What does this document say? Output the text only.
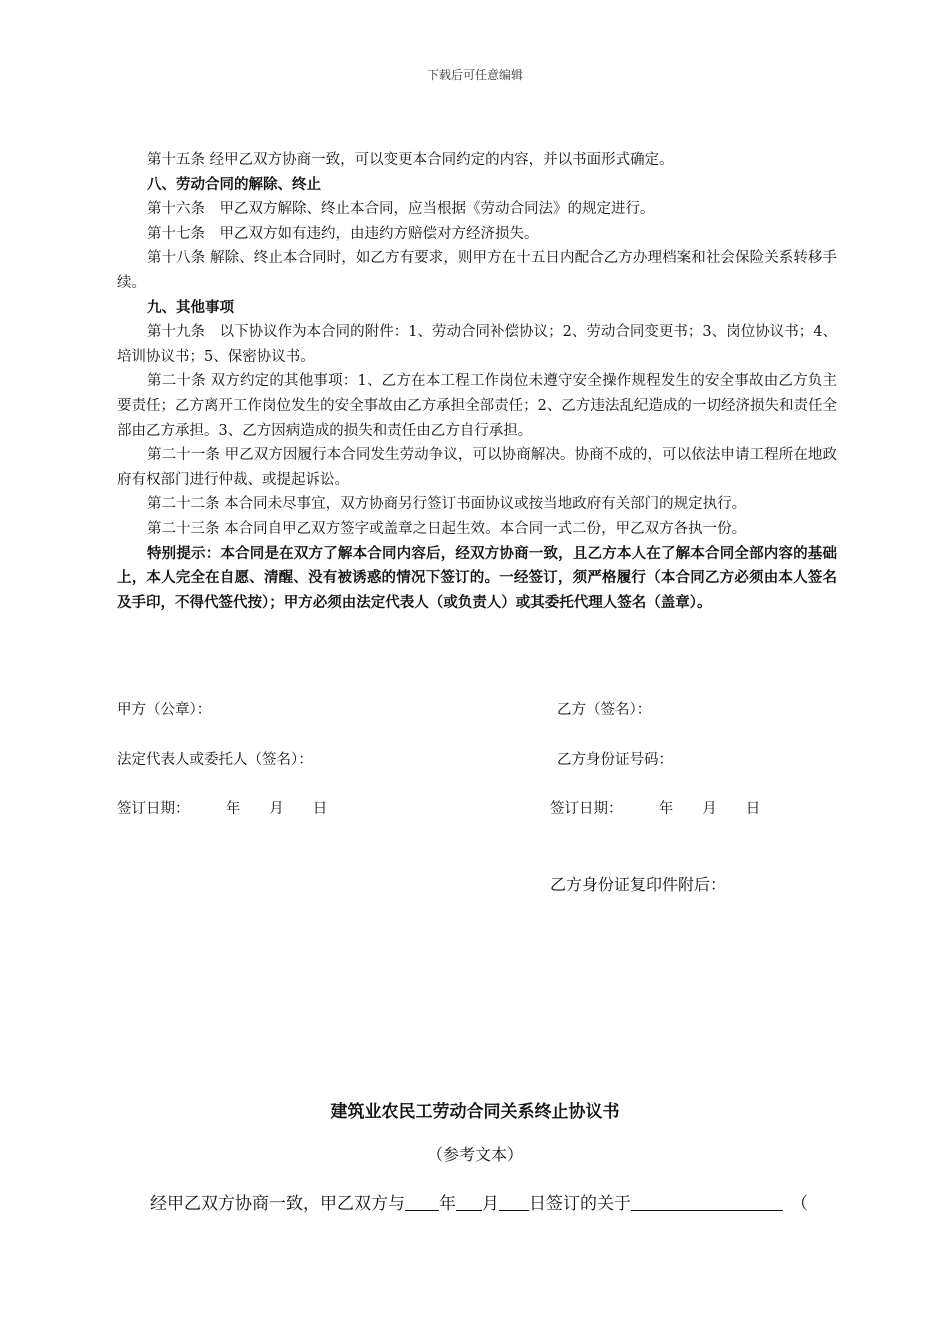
下载后可任意编辑

第十五条 经甲乙双方协商一致，可以变更本合同约定的内容，并以书面形式确定。

八、劳动合同的解除、终止

第十六条　甲乙双方解除、终止本合同，应当根据《劳动合同法》的规定进行。

第十七条　甲乙双方如有违约，由违约方赔偿对方经济损失。

第十八条 解除、终止本合同时，如乙方有要求，则甲方在十五日内配合乙方办理档案和社会保险关系转移手续。

九、其他事项

第十九条　以下协议作为本合同的附件：1、劳动合同补偿协议；2、劳动合同变更书；3、岗位协议书；4、培训协议书；5、保密协议书。

第二十条 双方约定的其他事项：1、乙方在本工程工作岗位未遵守安全操作规程发生的安全事故由乙方负主要责任；乙方离开工作岗位发生的安全事故由乙方承担全部责任；2、乙方违法乱纪造成的一切经济损失和责任全部由乙方承担。3、乙方因病造成的损失和责任由乙方自行承担。

第二十一条 甲乙双方因履行本合同发生劳动争议，可以协商解决。协商不成的，可以依法申请工程所在地政府有权部门进行仲裁、或提起诉讼。

第二十二条 本合同未尽事宜，双方协商另行签订书面协议或按当地政府有关部门的规定执行。

第二十三条 本合同自甲乙双方签字或盖章之日起生效。本合同一式二份，甲乙双方各执一份。

特别提示：本合同是在双方了解本合同内容后，经双方协商一致，且乙方本人在了解本合同全部内容的基础上，本人完全在自愿、清醒、没有被诱惑的情况下签订的。一经签订，须严格履行（本合同乙方必须由本人签名及手印，不得代签代按）；甲方必须由法定代表人（或负责人）或其委托代理人签名（盖章）。

甲方（公章）：	乙方（签名）：
法定代表人或委托人（签名）：	乙方身份证号码：
签订日期：　　　年　　月　　日	签订日期：　　　年　　月　　日
乙方身份证复印件附后：
建筑业农民工劳动合同关系终止协议书
（参考文本）
经甲乙双方协商一致，甲乙双方与 年 月 日签订的关于	（
